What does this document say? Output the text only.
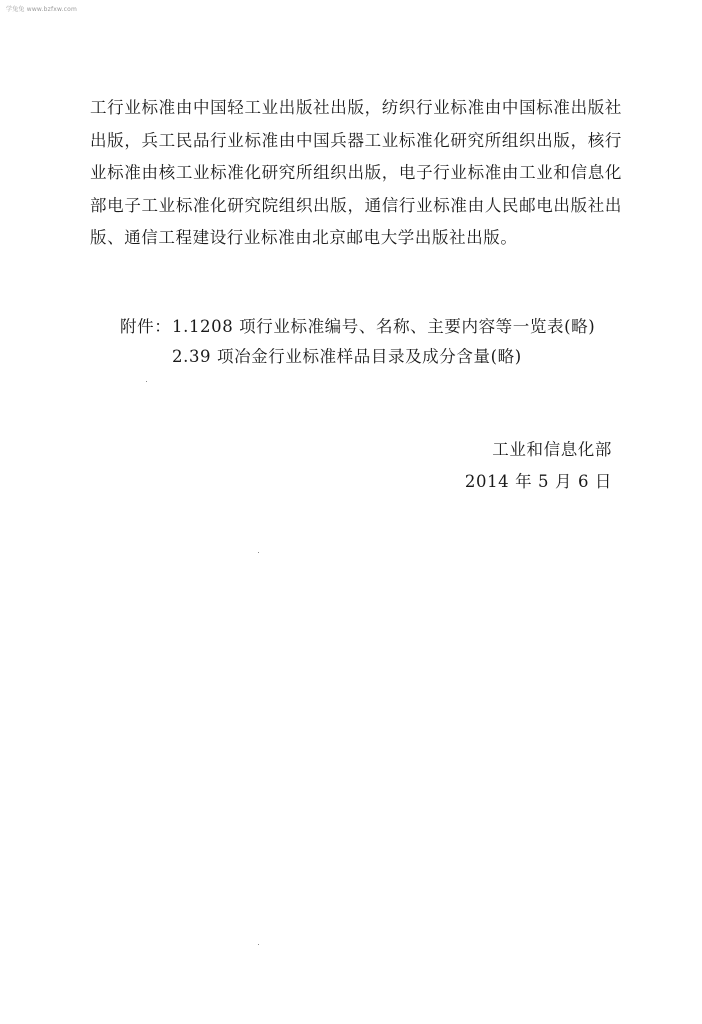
学兔兔 www.bzfxw.com

工行业标准由中国轻工业出版社出版，纺织行业标准由中国标准出版社出版，兵工民品行业标准由中国兵器工业标准化研究所组织出版，核行业标准由核工业标准化研究所组织出版，电子行业标准由工业和信息化部电子工业标准化研究院组织出版，通信行业标准由人民邮电出版社出版、通信工程建设行业标准由北京邮电大学出版社出版。

附件： 1.1208 项行业标准编号、名称、主要内容等一览表(略)
2.39 项冶金行业标准样品目录及成分含量(略)
工业和信息化部
2014 年 5 月 6 日
